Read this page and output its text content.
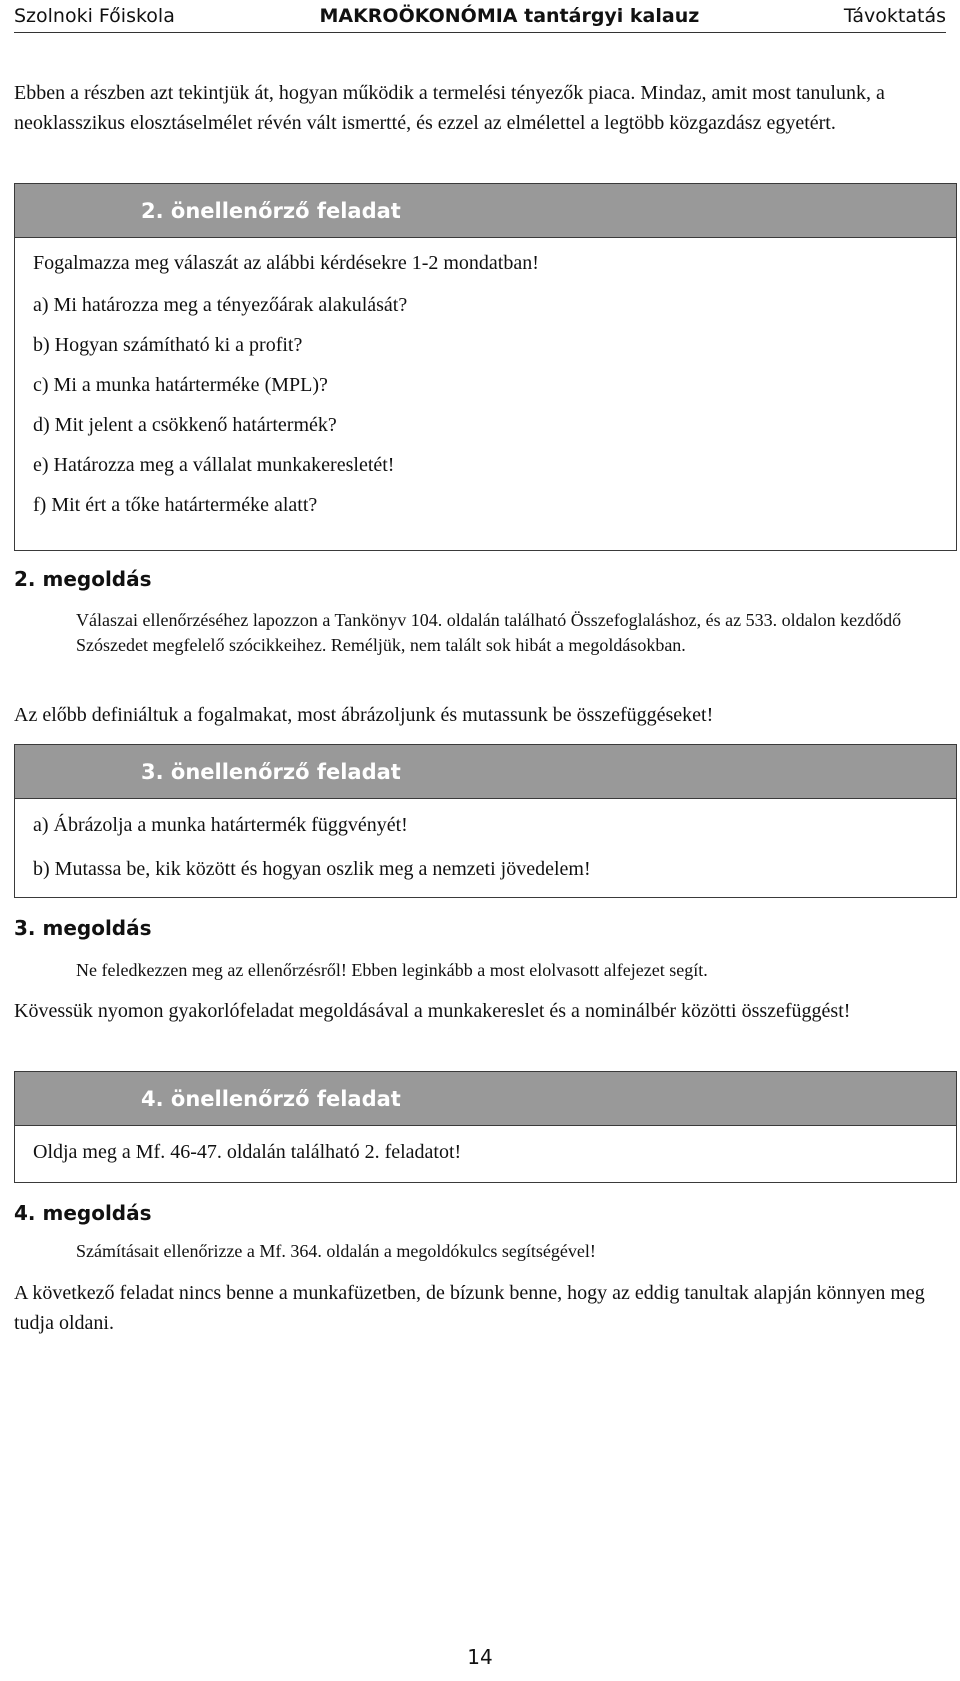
Szolnoki Főiskola	MAKROÖKONÓMIA tantárgyi kalauz	Távoktatás

Ebben a részben azt tekintjük át, hogyan működik a termelési tényezők piaca. Mindaz, amit most tanulunk, a neoklasszikus elosztáselmélet révén vált ismertté, és ezzel az elmélettel a legtöbb közgazdász egyetért.

2. önellenőrző feladat

Fogalmazza meg válaszát az alábbi kérdésekre 1-2 mondatban!

a) Mi határozza meg a tényezőárak alakulását?

b) Hogyan számítható ki a profit?

c) Mi a munka határterméke (MPL)?

d) Mit jelent a csökkenő határtermék?

e) Határozza meg a vállalat munkakeresletét!

f) Mit ért a tőke határterméke alatt?

2. megoldás

Válaszai ellenőrzéséhez lapozzon a Tankönyv 104. oldalán található Összefoglaláshoz, és az 533. oldalon kezdődő Szószedet megfelelő szócikkeihez. Reméljük, nem talált sok hibát a megoldásokban.

Az előbb definiáltuk a fogalmakat, most ábrázoljunk és mutassunk be összefüggéseket!

3. önellenőrző feladat

a) Ábrázolja a munka határtermék függvényét!

b) Mutassa be, kik között és hogyan oszlik meg a nemzeti jövedelem!

3. megoldás

Ne feledkezzen meg az ellenőrzésről! Ebben leginkább a most elolvasott alfejezet segít.

Kövessük nyomon gyakorlófeladat megoldásával a munkakereslet és a nominálbér közötti összefüggést!

4. önellenőrző feladat

Oldja meg a Mf. 46-47. oldalán található 2. feladatot!

4. megoldás

Számításait ellenőrizze a Mf. 364. oldalán a megoldókulcs segítségével!

A következő feladat nincs benne a munkafüzetben, de bízunk benne, hogy az eddig tanultak alapján könnyen meg tudja oldani.

14
